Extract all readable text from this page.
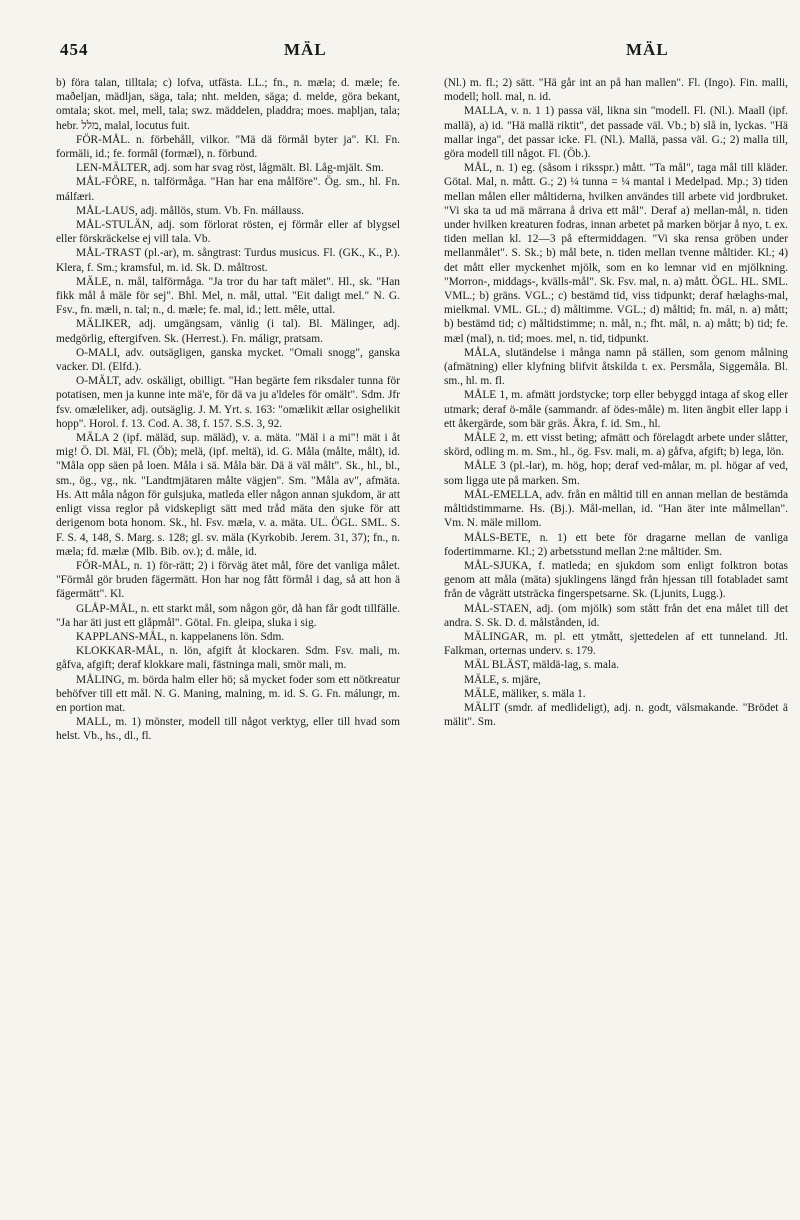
454	MÄL	MÄL

b) föra talan, tilltala; c) lofva, utfästa. LL.; fn., n. mæla; d. mæle; fe. maðeljan, mädljan, säga, tala; nht. melden, säga; d. melde, göra bekant, omtala; skot. mel, mell, tala; swz. mäddelen, pladdra; moes. maþljan, tala; hebr. מלל, malal, locutus fuit.

FÖR-MÅL. n. förbehåll, vilkor. "Mä dä förmål byter ja". Kl. Fn. formäli, id.; fe. formâl (formæl), n. förbund.

LEN-MÄLTER, adj. som har svag röst, lågmält. Bl. Låg-mjält. Sm.

MÅL-FÖRE, n. talförmåga. "Han har ena målföre". Ög. sm., hl. Fn. málfæri.

MÅL-LAUS, adj. mållös, stum. Vb. Fn. mállauss.

MÅL-STULÄN, adj. som förlorat rösten, ej förmår eller af blygsel eller förskräckelse ej vill tala. Vb.

MÅL-TRAST (pl.-ar), m. sångtrast: Turdus musicus. Fl. (GK., K., P.). Klera, f. Sm.; kramsful, m. id. Sk. D. måltrost.

MÄLE, n. mål, talförmåga. "Ja tror du har taft mälet". Hl., sk. "Han fikk mål å mäle för sej". Bhl. Mel, n. mål, uttal. "Eit daligt mel." N. G. Fsv., fn. mæli, n. tal; n., d. mæle; fe. mal, id.; lett. mêle, uttal.

MÄLIKER, adj. umgängsam, vänlig (i tal). Bl. Mälinger, adj. medgörlig, eftergifven. Sk. (Herrest.). Fn. máligr, pratsam.

O-MALI, adv. outsägligen, ganska mycket. "Omali snogg", ganska vacker. Dl. (Elfd.).

O-MÄLT, adv. oskäligt, obilligt. "Han begärte fem riksdaler tunna för potatisen, men ja kunne inte mä'e, för dä va ju a'ldeles för omält". Sdm. Jfr fsv. omæleliker, adj. outsäglig. J. M. Yrt. s. 163: "omælikit ællar osighelikit hopp". Horol. f. 13. Cod. A. 38, f. 157. S.S. 3, 92.

MÄLA 2 (ipf. mäläd, sup. mäläd), v. a. mäta. "Mäl i a mi"! mät i åt mig! Ö. Dl. Mäl, Fl. (Öb); melä, (ipf. meltä), id. G. Måla (målte, målt), id. "Måla opp säen på loen. Måla i sä. Måla bär. Dä ä väl målt". Sk., hl., bl., sm., ög., vg., nk. "Landtmjätaren målte vägjen". Sm. "Måla av", afmäta. Hs. Att måla någon för gulsjuka, matleda eller någon annan sjukdom, är att enligt vissa reglor på vidskepligt sätt med tråd mäta den sjuke för att derigenom bota honom. Sk., hl. Fsv. mæla, v. a. mäta. UL. ÖGL. SML. S. F. S. 4, 148, S. Marg. s. 128; gl. sv. mäla (Kyrkobib. Jerem. 31, 37); fn., n. mæla; fd. mælæ (Mlb. Bib. ov.); d. måle, id.

FÖR-MÅL, n. 1) för-rätt; 2) i förväg ätet mål, före det vanliga målet. "Förmål gör bruden fägermätt. Hon har nog fått förmål i dag, så att hon ä fägermätt". Kl.

GLÅP-MÅL, n. ett starkt mål, som någon gör, då han får godt tillfälle. "Ja har äti just ett glåpmål". Götal. Fn. gleipa, sluka i sig.

KAPPLANS-MÅL, n. kappelanens lön. Sdm.

KLOKKAR-MÅL, n. lön, afgift åt klockaren. Sdm. Fsv. mali, m. gåfva, afgift; deraf klokkare mali, fästninga mali, smör mali, m.

MÅLING, m. börda halm eller hö; så mycket foder som ett nötkreatur behöfver till ett mål. N. G. Maning, malning, m. id. S. G. Fn. málungr, m. en portion mat.

MALL, m. 1) mönster, modell till något verktyg, eller till hvad som helst. Vb., hs., dl., fl.

(Nl.) m. fl.; 2) sätt. "Hä går int an på han mallen". Fl. (Ingo). Fin. malli, modell; holl. mal, n. id.

MALLA, v. n. 1 1) passa väl, likna sin "modell. Fl. (Nl.). Maall (ipf. mallä), a) id. "Hä mallä riktit", det passade väl. Vb.; b) slå in, lyckas. "Hä mallar inga", det passar icke. Fl. (Nl.). Mallä, passa väl. G.; 2) malla till, göra modell till något. Fl. (Öb.).

MÅL, n. 1) eg. (såsom i riksspr.) mått. "Ta mål", taga mål till kläder. Götal. Mal, n. mått. G.; 2) ¼ tunna = ¼ mantal i Medelpad. Mp.; 3) tiden mellan målen eller måltiderna, hvilken användes till arbete vid jordbruket. "Vi ska ta ud mä märrana å driva ett mål". Deraf a) mellan-mål, n. tiden under hvilken kreaturen fodras, innan arbetet på marken börjar å nyo, t. ex. tiden mellan kl. 12—3 på eftermiddagen. "Vi ska rensa gröben under mellanmålet". S. Sk.; b) mål bete, n. tiden mellan tvenne måltider. Kl.; 4) det mått eller myckenhet mjölk, som en ko lemnar vid en mjölkning. "Morron-, middags-, kvälls-mål". Sk. Fsv. mal, n. a) mått. ÖGL. HL. SML. VML.; b) gräns. VGL.; c) bestämd tid, viss tidpunkt; deraf hælaghs-mal, mielkmal. VML. GL.; d) måltimme. VGL.; d) måltid; fn. mál, n. a) mått; b) bestämd tid; c) måltidstimme; n. mål, n.; fht. mâl, n. a) mått; b) tid; fe. mæl (mal), n. tid; moes. mel, n. tid, tidpunkt.

MÅLA, slutändelse i många namn på ställen, som genom målning (afmätning) eller klyfning blifvit åtskilda t. ex. Persmåla, Siggemåla. Bl. sm., hl. m. fl.

MÅLE 1, m. afmätt jordstycke; torp eller bebyggd intaga af skog eller utmark; deraf ö-måle (sammandr. af ödes-måle) m. liten ängbit eller lapp i ett åkergärde, som bär gräs. Åkra, f. id. Sm., hl.

MÅLE 2, m. ett visst beting; afmätt och förelagdt arbete under slåtter, skörd, odling m. m. Sm., hl., ög. Fsv. mali, m. a) gåfva, afgift; b) lega, lön.

MÅLE 3 (pl.-lar), m. hög, hop; deraf ved-målar, m. pl. högar af ved, som ligga ute på marken. Sm.

MÅL-EMELLA, adv. från en måltid till en annan mellan de bestämda måltidstimmarne. Hs. (Bj.). Mål-mellan, id. "Han äter inte målmellan". Vm. N. mäle millom.

MÅLS-BETE, n. 1) ett bete för dragarne mellan de vanliga fodertimmarne. Kl.; 2) arbetsstund mellan 2:ne måltider. Sm.

MÅL-SJUKA, f. matleda; en sjukdom som enligt folktron botas genom att måla (mäta) sjuklingens längd från hjessan till fotabladet samt från de vågrätt utsträcka fingerspetsarne. Sk. (Ljunits, Lugg.).

MÅL-STAEN, adj. (om mjölk) som stått från det ena målet till det andra. S. Sk. D. d. målstånden, id.

MÄLINGAR, m. pl. ett ytmått, sjettedelen af ett tunneland. Jtl. Falkman, orternas underv. s. 179.

MÄL BLÄST, mäldä-lag, s. mala.

MÄLE, s. mjäre,

MÄLE, mäliker, s. mäla 1.

MÄLIT (smdr. af medlideligt), adj. n. godt, välsmakande. "Brödet ä mälit". Sm.
